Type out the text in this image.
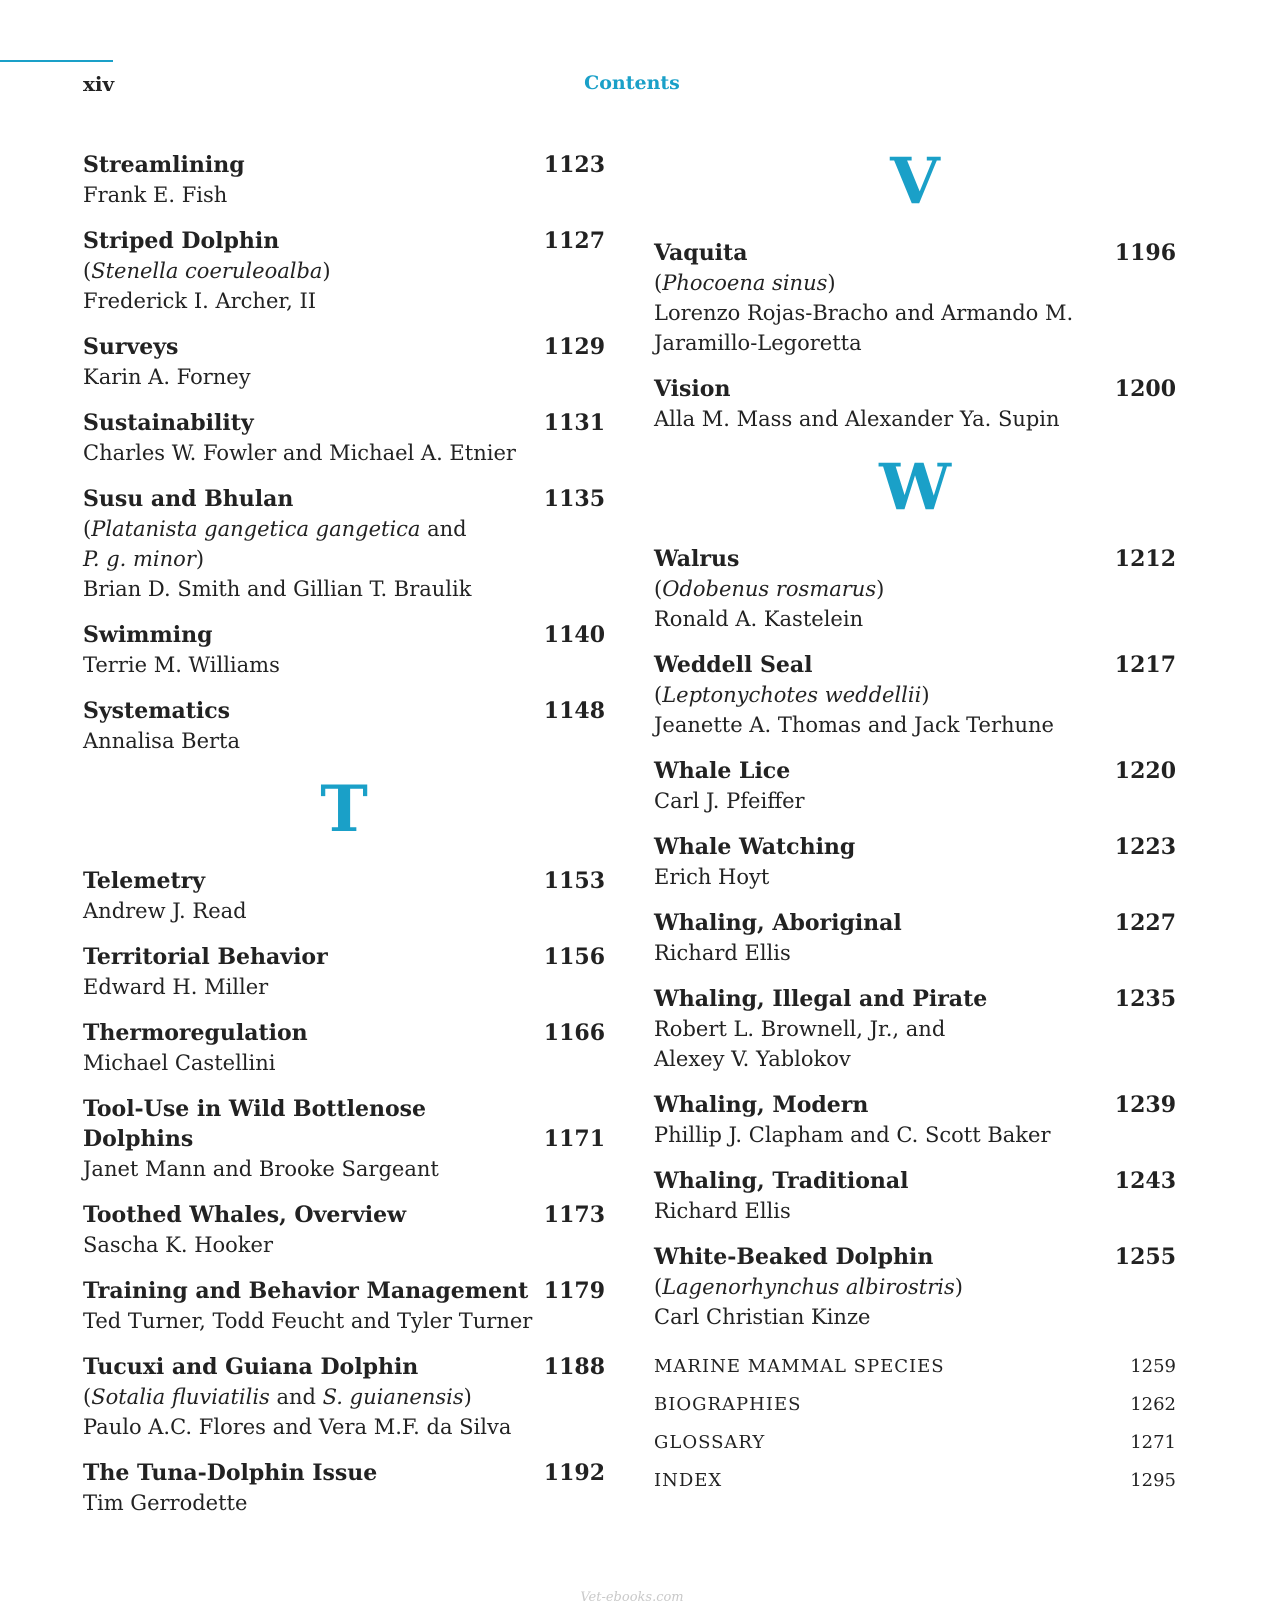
xiv	Contents
Streamlining	1123
Frank E. Fish
Striped Dolphin	1127
(Stenella coeruleoalba)
Frederick I. Archer, II
Surveys	1129
Karin A. Forney
Sustainability	1131
Charles W. Fowler and Michael A. Etnier
Susu and Bhulan	1135
(Platanista gangetica gangetica and
P. g. minor)
Brian D. Smith and Gillian T. Braulik
Swimming	1140
Terrie M. Williams
Systematics	1148
Annalisa Berta
T
Telemetry	1153
Andrew J. Read
Territorial Behavior	1156
Edward H. Miller
Thermoregulation	1166
Michael Castellini
Tool-Use in Wild Bottlenose
Dolphins	1171
Janet Mann and Brooke Sargeant
Toothed Whales, Overview	1173
Sascha K. Hooker
Training and Behavior Management 1179
Ted Turner, Todd Feucht and Tyler Turner
Tucuxi and Guiana Dolphin	1188
(Sotalia fluviatilis and S. guianensis)
Paulo A.C. Flores and Vera M.F. da Silva
The Tuna-Dolphin Issue	1192
Tim Gerrodette
V
Vaquita	1196
(Phocoena sinus)
Lorenzo Rojas-Bracho and Armando M.
Jaramillo-Legoretta
Vision	1200
Alla M. Mass and Alexander Ya. Supin
W
Walrus	1212
(Odobenus rosmarus)
Ronald A. Kastelein
Weddell Seal	1217
(Leptonychotes weddellii)
Jeanette A. Thomas and Jack Terhune
Whale Lice	1220
Carl J. Pfeiffer
Whale Watching	1223
Erich Hoyt
Whaling, Aboriginal	1227
Richard Ellis
Whaling, Illegal and Pirate	1235
Robert L. Brownell, Jr., and
Alexey V. Yablokov
Whaling, Modern	1239
Phillip J. Clapham and C. Scott Baker
Whaling, Traditional	1243
Richard Ellis
White-Beaked Dolphin	1255
(Lagenorhynchus albirostris)
Carl Christian Kinze
MARINE MAMMAL SPECIES	1259
BIOGRAPHIES	1262
GLOSSARY	1271
INDEX	1295
Vet-ebooks.com
